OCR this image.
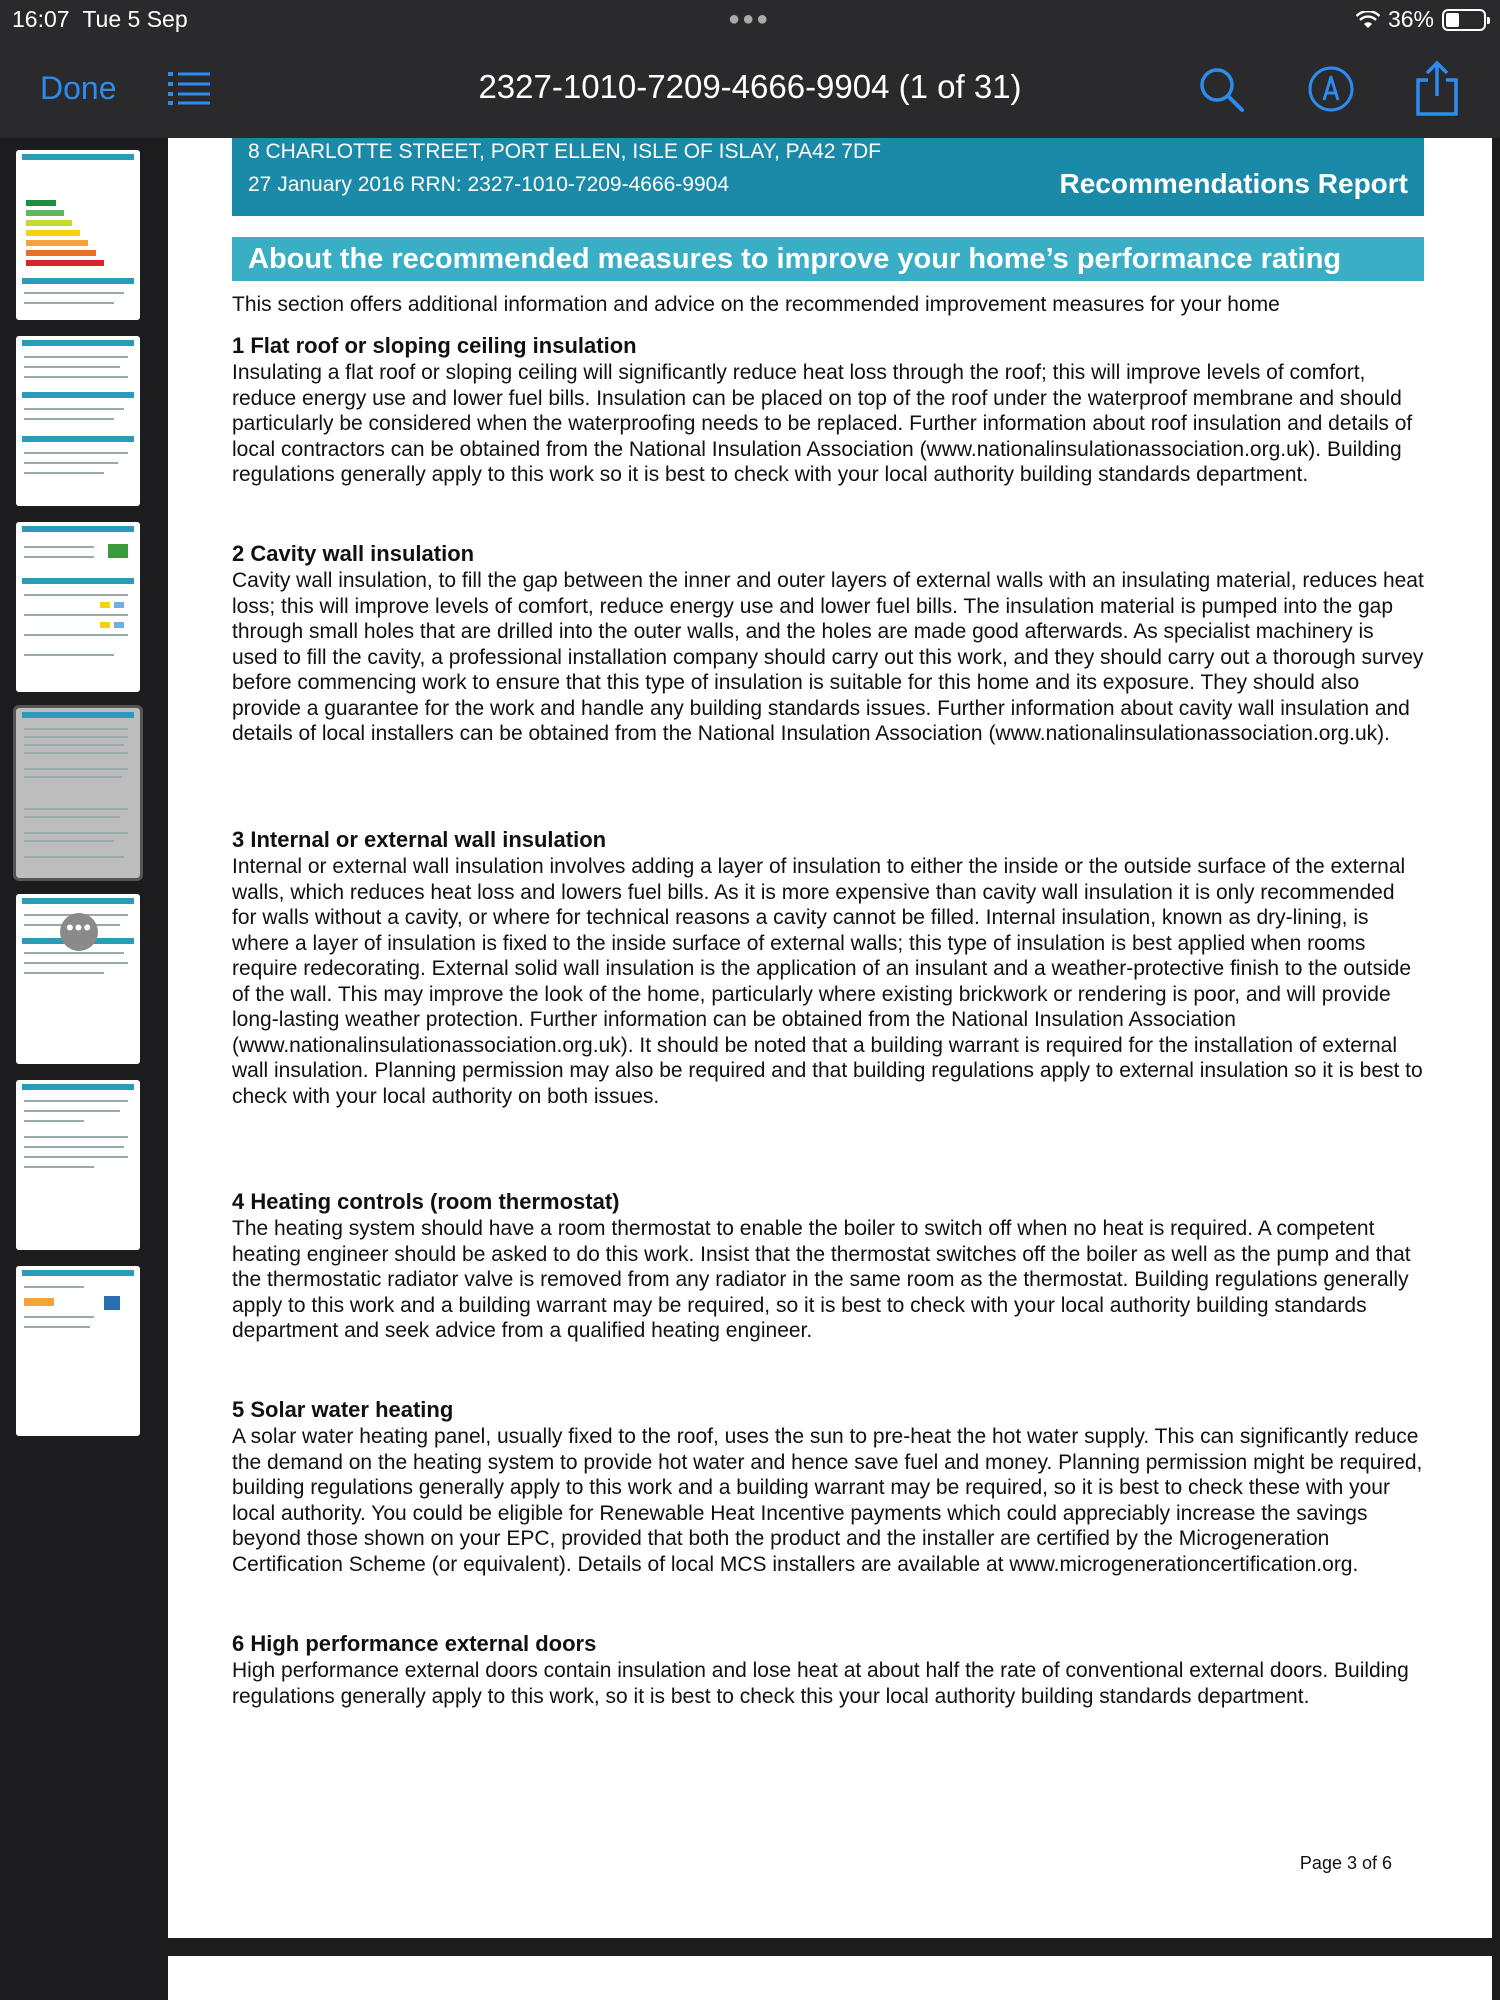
16:07 Tue 5 Sep	●●●	36%
Done	2327-1010-7209-4666-9904 (1 of 31)
•••
8 CHARLOTTE STREET, PORT ELLEN, ISLE OF ISLAY, PA42 7DF
27 January 2016 RRN: 2327-1010-7209-4666-9904	Recommendations Report
About the recommended measures to improve your home’s performance rating
This section offers additional information and advice on the recommended improvement measures for your home
1 Flat roof or sloping ceiling insulation

Insulating a flat roof or sloping ceiling will significantly reduce heat loss through the roof; this will improve levels of comfort, reduce energy use and lower fuel bills. Insulation can be placed on top of the roof under the waterproof membrane and should particularly be considered when the waterproofing needs to be replaced. Further information about roof insulation and details of local contractors can be obtained from the National Insulation Association (www.nationalinsulationassociation.org.uk). Building regulations generally apply to this work so it is best to check with your local authority building standards department.

2 Cavity wall insulation

Cavity wall insulation, to fill the gap between the inner and outer layers of external walls with an insulating material, reduces heat loss; this will improve levels of comfort, reduce energy use and lower fuel bills. The insulation material is pumped into the gap through small holes that are drilled into the outer walls, and the holes are made good afterwards. As specialist machinery is used to fill the cavity, a professional installation company should carry out this work, and they should carry out a thorough survey before commencing work to ensure that this type of insulation is suitable for this home and its exposure. They should also provide a guarantee for the work and handle any building standards issues. Further information about cavity wall insulation and details of local installers can be obtained from the National Insulation Association (www.nationalinsulationassociation.org.uk).

3 Internal or external wall insulation

Internal or external wall insulation involves adding a layer of insulation to either the inside or the outside surface of the external walls, which reduces heat loss and lowers fuel bills. As it is more expensive than cavity wall insulation it is only recommended for walls without a cavity, or where for technical reasons a cavity cannot be filled. Internal insulation, known as dry-lining, is where a layer of insulation is fixed to the inside surface of external walls; this type of insulation is best applied when rooms require redecorating. External solid wall insulation is the application of an insulant and a weather-protective finish to the outside of the wall. This may improve the look of the home, particularly where existing brickwork or rendering is poor, and will provide long-lasting weather protection. Further information can be obtained from the National Insulation Association (www.nationalinsulationassociation.org.uk). It should be noted that a building warrant is required for the installation of external wall insulation. Planning permission may also be required and that building regulations apply to external insulation so it is best to check with your local authority on both issues.

4 Heating controls (room thermostat)

The heating system should have a room thermostat to enable the boiler to switch off when no heat is required. A competent heating engineer should be asked to do this work. Insist that the thermostat switches off the boiler as well as the pump and that the thermostatic radiator valve is removed from any radiator in the same room as the thermostat. Building regulations generally apply to this work and a building warrant may be required, so it is best to check with your local authority building standards department and seek advice from a qualified heating engineer.

5 Solar water heating

A solar water heating panel, usually fixed to the roof, uses the sun to pre-heat the hot water supply. This can significantly reduce the demand on the heating system to provide hot water and hence save fuel and money. Planning permission might be required, building regulations generally apply to this work and a building warrant may be required, so it is best to check these with your local authority. You could be eligible for Renewable Heat Incentive payments which could appreciably increase the savings beyond those shown on your EPC, provided that both the product and the installer are certified by the Microgeneration Certification Scheme (or equivalent). Details of local MCS installers are available at www.microgenerationcertification.org.

6 High performance external doors

High performance external doors contain insulation and lose heat at about half the rate of conventional external doors. Building regulations generally apply to this work, so it is best to check this your local authority building standards department.

Page 3 of 6
